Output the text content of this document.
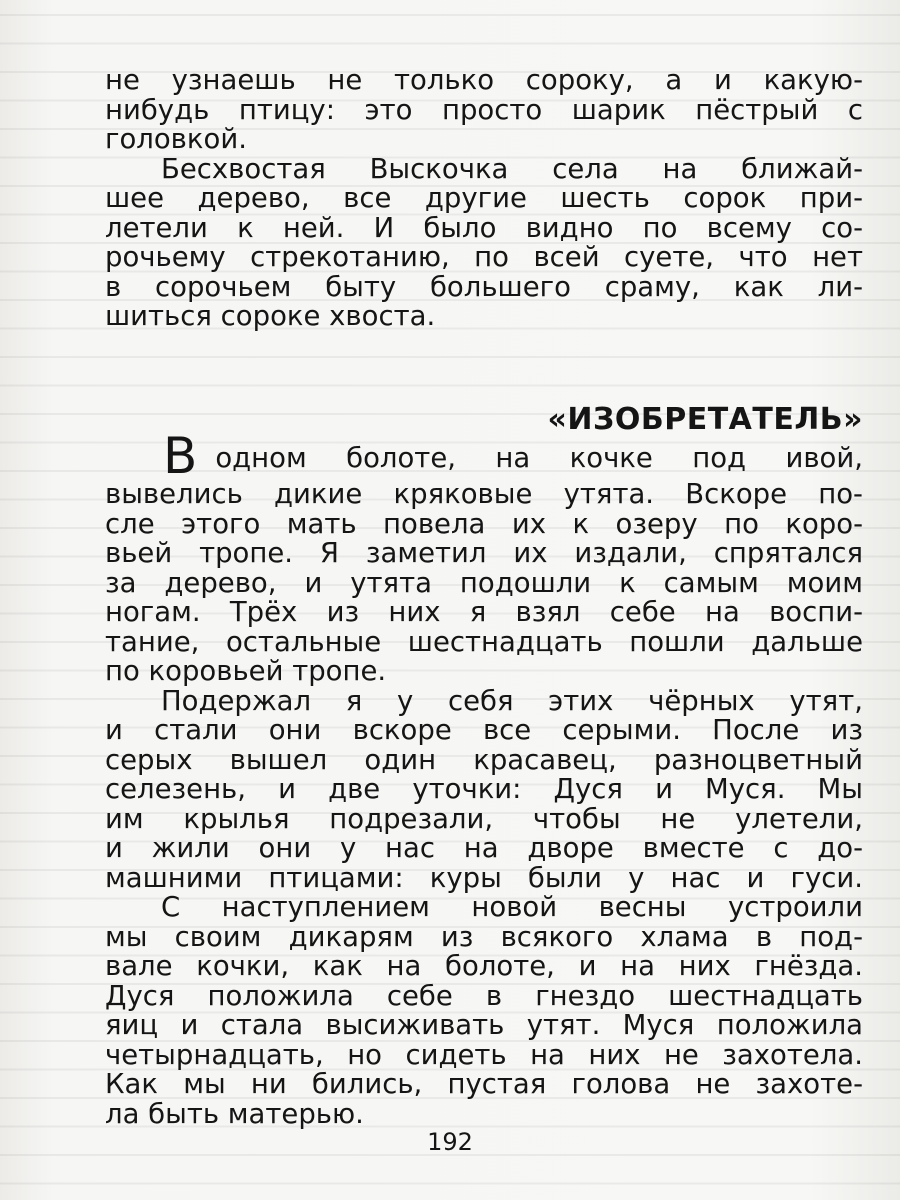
не узнаешь не только сороку, а и какую-
нибудь птицу: это просто шарик пёстрый с
головкой.
Бесхвостая Выскочка села на ближай-
шее дерево, все другие шесть сорок при-
летели к ней. И было видно по всему со-
рочьему стрекотанию, по всей суете, что нет
в сорочьем быту большего сраму, как ли-
шиться сороке хвоста.
«ИЗОБРЕТАТЕЛЬ»
Водном болоте, на кочке под ивой,
вывелись дикие кряковые утята. Вскоре по-
сле этого мать повела их к озеру по коро-
вьей тропе. Я заметил их издали, спрятался
за дерево, и утята подошли к самым моим
ногам. Трёх из них я взял себе на воспи-
тание, остальные шестнадцать пошли дальше
по коровьей тропе.
Подержал я у себя этих чёрных утят,
и стали они вскоре все серыми. После из
серых вышел один красавец, разноцветный
селезень, и две уточки: Дуся и Муся. Мы
им крылья подрезали, чтобы не улетели,
и жили они у нас на дворе вместе с до-
машними птицами: куры были у нас и гуси.
С наступлением новой весны устроили
мы своим дикарям из всякого хлама в под-
вале кочки, как на болоте, и на них гнёзда.
Дуся положила себе в гнездо шестнадцать
яиц и стала высиживать утят. Муся положила
четырнадцать, но сидеть на них не захотела.
Как мы ни бились, пустая голова не захоте-
ла быть матерью.
192
